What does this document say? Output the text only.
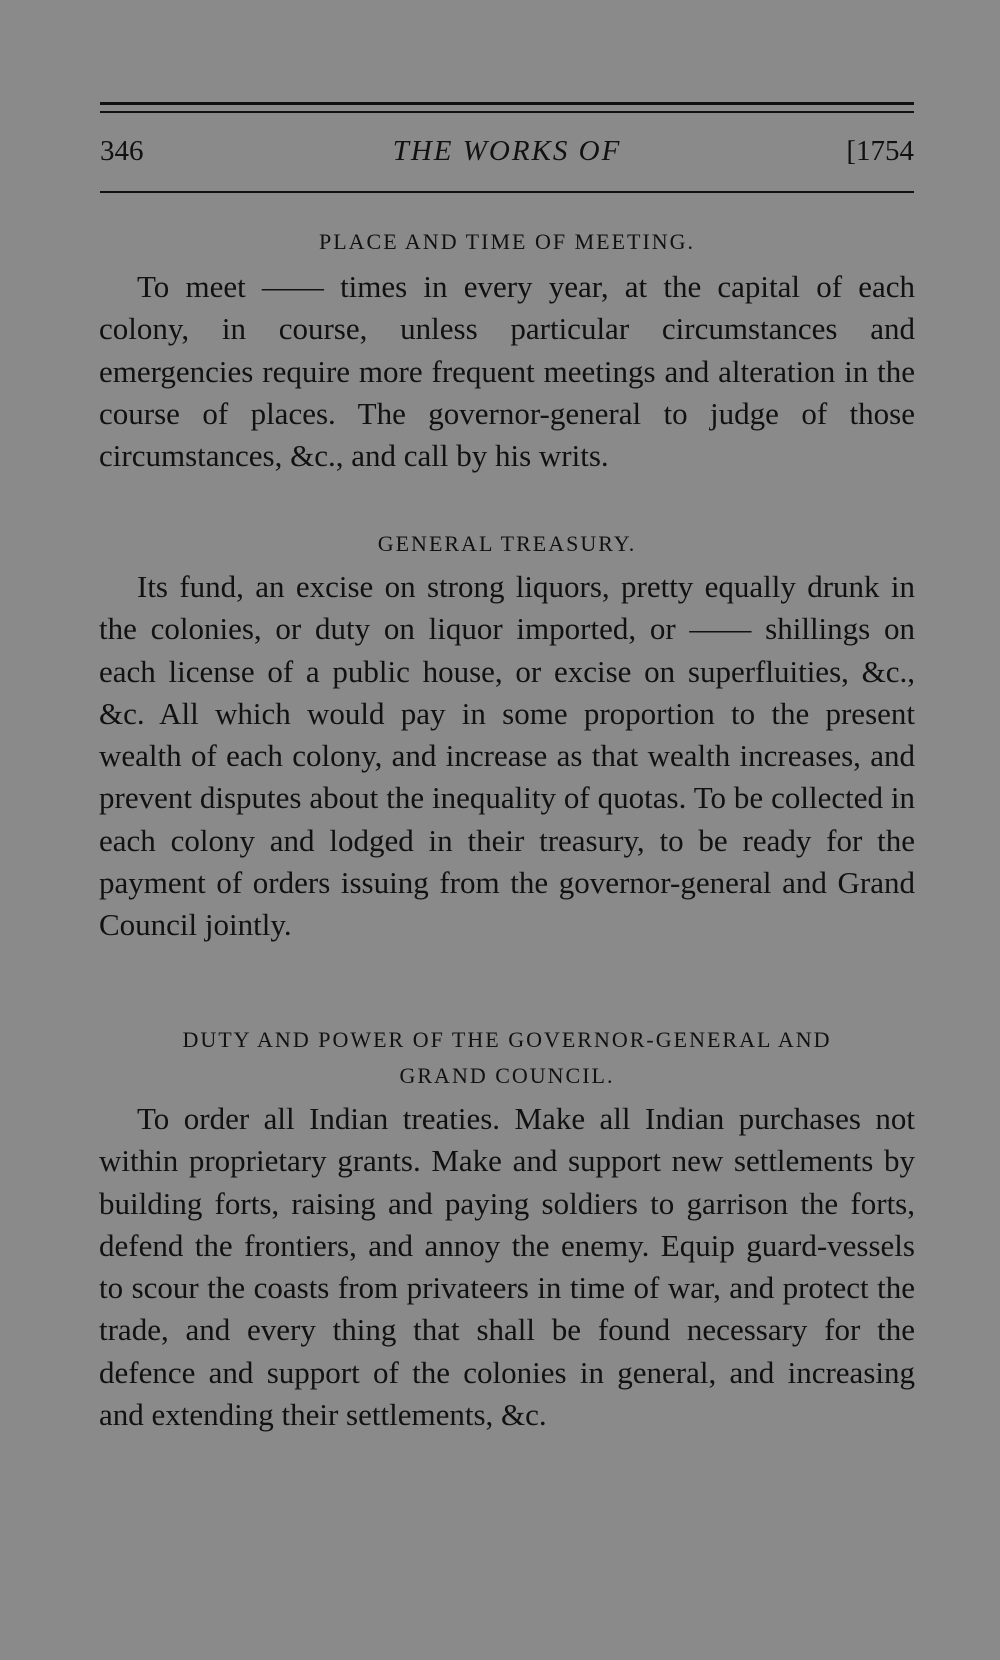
THE WORKS OF
346	[1754
PLACE AND TIME OF MEETING.

To meet —— times in every year, at the capital of each colony, in course, unless particular circumstances and emergencies require more frequent meetings and alteration in the course of places. The governor-general to judge of those circumstances, &c., and call by his writs.

GENERAL TREASURY.

Its fund, an excise on strong liquors, pretty equally drunk in the colonies, or duty on liquor imported, or —— shillings on each license of a public house, or excise on superfluities, &c., &c. All which would pay in some proportion to the present wealth of each colony, and increase as that wealth increases, and prevent disputes about the inequality of quotas. To be collected in each colony and lodged in their treasury, to be ready for the payment of orders issuing from the governor-general and Grand Council jointly.

DUTY AND POWER OF THE GOVERNOR-GENERAL AND GRAND COUNCIL.

To order all Indian treaties. Make all Indian purchases not within proprietary grants. Make and support new settlements by building forts, raising and paying soldiers to garrison the forts, defend the frontiers, and annoy the enemy. Equip guard-vessels to scour the coasts from privateers in time of war, and protect the trade, and every thing that shall be found necessary for the defence and support of the colonies in general, and increasing and extending their settlements, &c.
